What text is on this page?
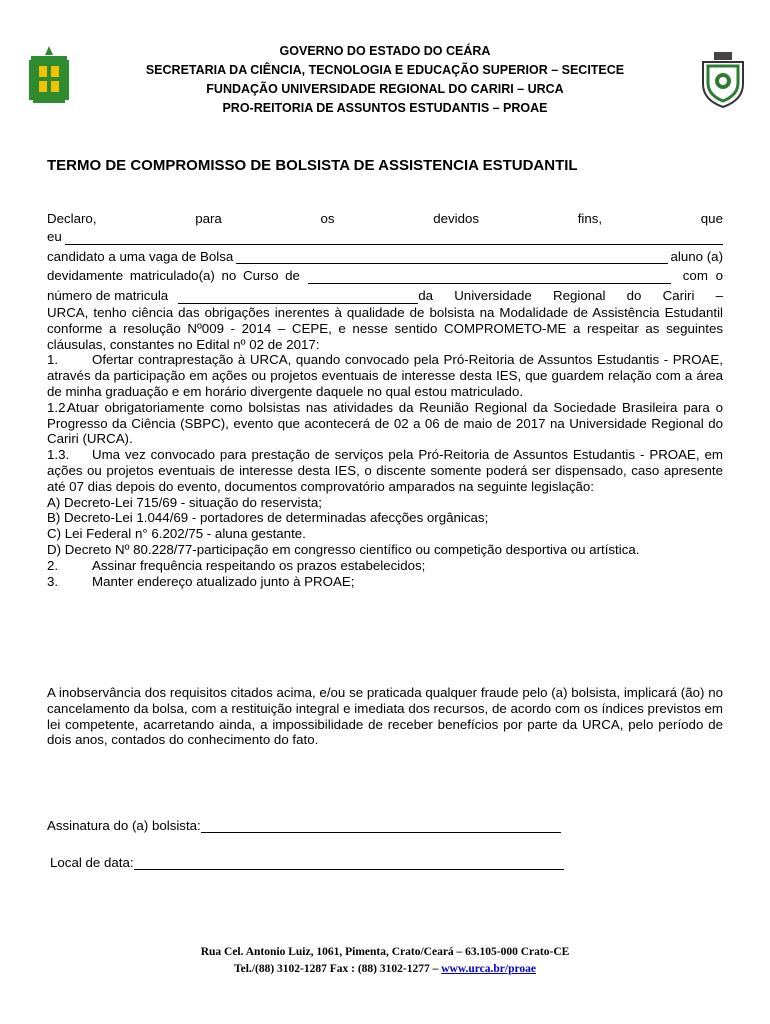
GOVERNO DO ESTADO DO CEÁRA
SECRETARIA DA CIÊNCIA, TECNOLOGIA E EDUCAÇÃO SUPERIOR – SECITECE
FUNDAÇÃO UNIVERSIDADE REGIONAL DO CARIRI – URCA
PRO-REITORIA DE ASSUNTOS ESTUDANTIS – PROAE
TERMO DE COMPROMISSO DE BOLSISTA DE ASSISTENCIA ESTUDANTIL
Declaro,	para	os	devidos	fins,	que
eu
candidato a uma vaga de Bolsa	aluno (a)
devidamente matriculado(a) no Curso de	com o
número de matricula	da Universidade Regional do Cariri –

URCA, tenho ciência das obrigações inerentes à qualidade de bolsista na Modalidade de Assistência Estudantil conforme a resolução Nº009 - 2014 – CEPE, e nesse sentido COMPROMETO-ME a respeitar as seguintes cláusulas, constantes no Edital nº 02 de 2017:

1.	Ofertar contraprestação à URCA, quando convocado pela Pró-Reitoria de Assuntos Estudantis - PROAE, através da participação em ações ou projetos eventuais de interesse desta IES, que guardem relação com a área de minha graduação e em horário divergente daquele no qual estou matriculado.

1.2.Atuar obrigatoriamente como bolsistas nas atividades da Reunião Regional da Sociedade Brasileira para o Progresso da Ciência (SBPC), evento que acontecerá de 02 a 06 de maio de 2017 na Universidade Regional do Cariri (URCA).

1.3. Uma vez convocado para prestação de serviços pela Pró-Reitoria de Assuntos Estudantis - PROAE, em ações ou projetos eventuais de interesse desta IES, o discente somente poderá ser dispensado, caso apresente até 07 dias depois do evento, documentos comprovatório amparados na seguinte legislação:

A) Decreto-Lei 715/69 - situação do reservista;
B) Decreto-Lei 1.044/69 - portadores de determinadas afecções orgânicas;
C) Lei Federal n° 6.202/75 - aluna gestante.

D) Decreto Nº 80.228/77-participação em congresso científico ou competição desportiva ou artística.

2.	Assinar frequência respeitando os prazos estabelecidos;
3.	Manter endereço atualizado junto à PROAE;

A inobservância dos requisitos citados acima, e/ou se praticada qualquer fraude pelo (a) bolsista, implicará (ão) no cancelamento da bolsa, com a restituição integral e imediata dos recursos, de acordo com os índices previstos em lei competente, acarretando ainda, a impossibilidade de receber benefícios por parte da URCA, pelo período de dois anos, contados do conhecimento do fato.

Assinatura do (a) bolsista:
Local de data:
Rua Cel. Antonio Luiz, 1061, Pimenta, Crato/Ceará – 63.105-000 Crato-CE
Tel./(88) 3102-1287 Fax : (88) 3102-1277 – www.urca.br/proae
